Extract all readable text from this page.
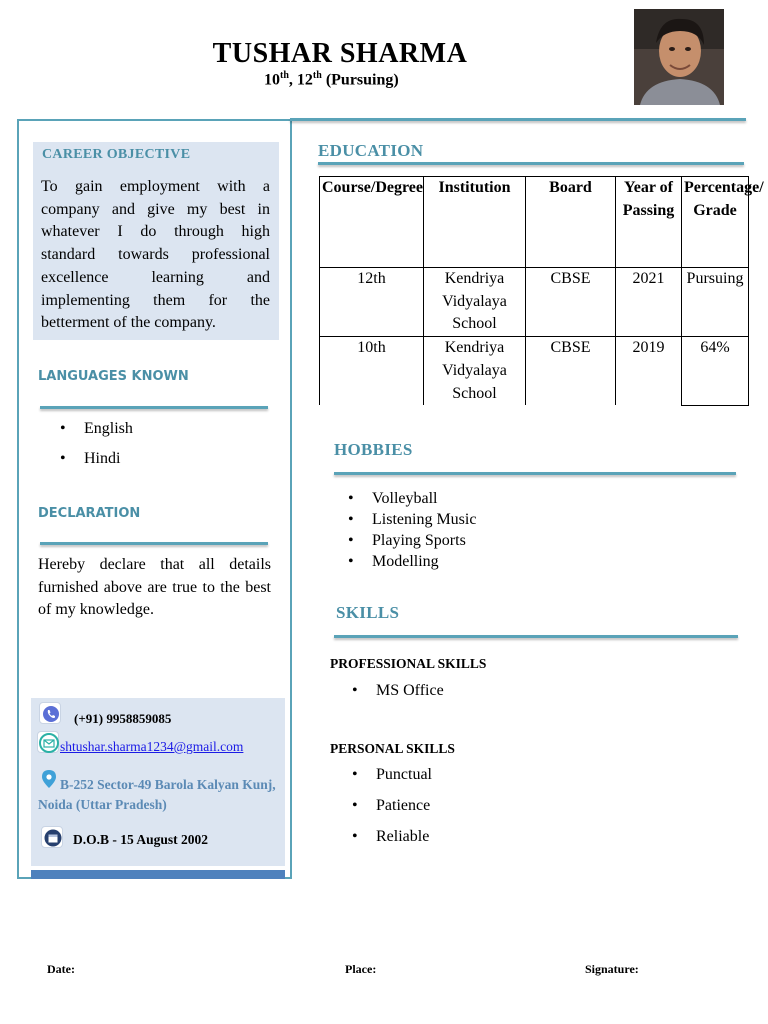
TUSHAR SHARMA
10th, 12th (Pursuing)
CAREER OBJECTIVE
To gain employment with a company and give my best in whatever I do through high standard towards professional excellence learning and implementing them for the betterment of the company.
LANGUAGES KNOWN
• English
• Hindi
DECLARATION
Hereby declare that all details furnished above are true to the best of my knowledge.
(+91) 9958859085
shtushar.sharma1234@gmail.com
B-252 Sector-49 Barola Kalyan Kunj, Noida (Uttar Pradesh)
D.O.B - 15 August 2002
EDUCATION
Course/Degree	Institution	Board	Year of Passing	Percentage/ Grade
12th	Kendriya Vidyalaya School	CBSE	2021	Pursuing
10th	Kendriya Vidyalaya School	CBSE	2019	64%
HOBBIES
• Volleyball
• Listening Music
• Playing Sports
• Modelling
SKILLS
PROFESSIONAL SKILLS
• MS Office
PERSONAL SKILLS
• Punctual
• Patience
• Reliable
Date:	Place:	Signature:
